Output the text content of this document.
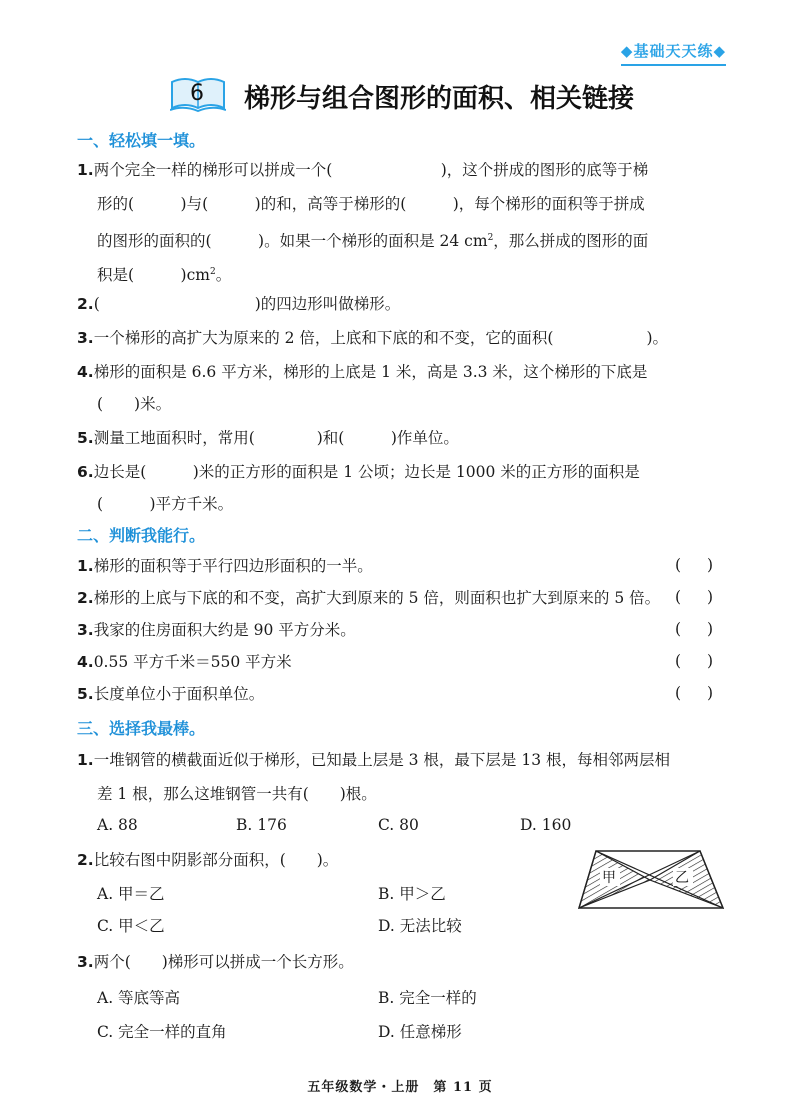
◆基础天天练◆
6 梯形与组合图形的面积、相关链接
一、轻松填一填。
1.两个完全一样的梯形可以拼成一个(　　　　　　　)，这个拼成的图形的底等于梯
形的(　　　)与(　　　)的和，高等于梯形的(　　　)，每个梯形的面积等于拼成
的图形的面积的(　　　)。如果一个梯形的面积是 24 $cm^2$，那么拼成的图形的面
积是(　　　)$cm^2$。
2.(　　　　　　　　　　)的四边形叫做梯形。
3.一个梯形的高扩大为原来的 2 倍，上底和下底的和不变，它的面积(　　　　　　)。
4.梯形的面积是 6.6 平方米，梯形的上底是 1 米，高是 3.3 米，这个梯形的下底是
(　　)米。
5.测量工地面积时，常用(　　　　)和(　　　)作单位。
6.边长是(　　　)米的正方形的面积是 1 公顷；边长是 1000 米的正方形的面积是
(　　　)平方千米。
二、判断我能行。
1.梯形的面积等于平行四边形面积的一半。	()
2.梯形的上底与下底的和不变，高扩大到原来的 5 倍，则面积也扩大到原来的 5 倍。 ()
3.我家的住房面积大约是 90 平方分米。	()
4.0.55 平方千米＝550 平方米	()
5.长度单位小于面积单位。	()
三、选择我最棒。
1.一堆钢管的横截面近似于梯形，已知最上层是 3 根，最下层是 13 根，每相邻两层相
差 1 根，那么这堆钢管一共有(　　)根。
A. 88	B. 176	C. 80	D. 160
2.比较右图中阴影部分面积，(　　)。
A. 甲＝乙	B. 甲＞乙
C. 甲＜乙	D. 无法比较
甲	乙
3.两个(　　)梯形可以拼成一个长方形。
A. 等底等高	B. 完全一样的
C. 完全一样的直角	D. 任意梯形
五年级数学・上册　第 11 页
